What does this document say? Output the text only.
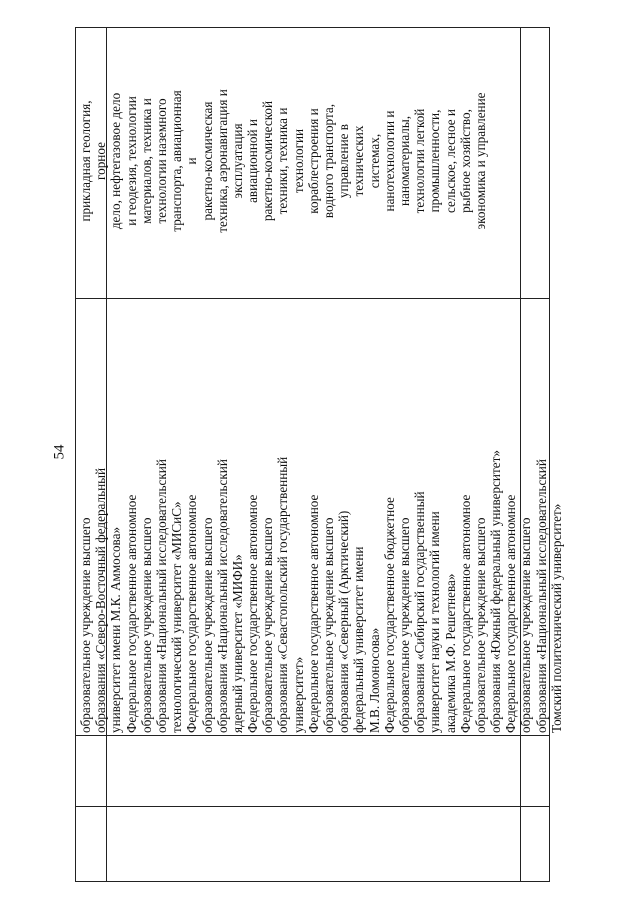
54
образовательное учреждение высшего образования «Северо-Восточный федеральный университет имени М.К. Аммосова» Федеральное государственное автономное образовательное учреждение высшего образования «Национальный исследовательский технологический университет «МИСиС» Федеральное государственное автономное образовательное учреждение высшего образования «Национальный исследовательский ядерный университет «МИФИ» Федеральное государственное автономное образовательное учреждение высшего образования «Севастопольский государственный университет» Федеральное государственное автономное образовательное учреждение высшего образования «Северный (Арктический) федеральный университет имени М.В. Ломоносова» Федеральное государственное бюджетное образовательное учреждение высшего образования «Сибирский государственный университет науки и технологий имени академика М.Ф. Решетнева» Федеральное государственное автономное образовательное учреждение высшего образования «Южный федеральный университет» Федеральное государственное автономное образовательное учреждение высшего образования «Национальный исследовательский Томский политехнический университет»
прикладная геология, горное дело, нефтегазовое дело и геодезия, технологии материалов, техника и технологии наземного транспорта, авиационная и ракетно-космическая техника, аэронавигация и эксплуатация авиационной и ракетно-космической техники, техника и технологии кораблестроения и водного транспорта, управление в технических системах, нанотехнологии и наноматериалы, технологии легкой промышленности, сельское, лесное и рыбное хозяйство, экономика и управление
